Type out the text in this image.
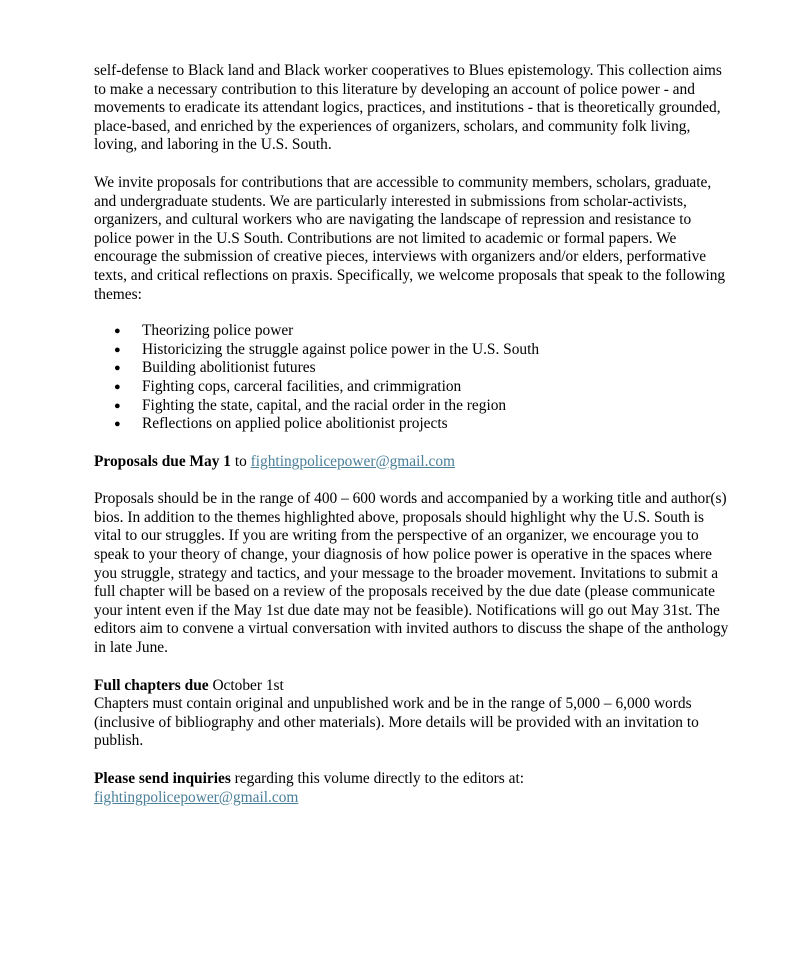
self-defense to Black land and Black worker cooperatives to Blues epistemology. This collection aims to make a necessary contribution to this literature by developing an account of police power - and movements to eradicate its attendant logics, practices, and institutions - that is theoretically grounded, place-based, and enriched by the experiences of organizers, scholars, and community folk living, loving, and laboring in the U.S. South.

We invite proposals for contributions that are accessible to community members, scholars, graduate, and undergraduate students. We are particularly interested in submissions from scholar-activists, organizers, and cultural workers who are navigating the landscape of repression and resistance to police power in the U.S South. Contributions are not limited to academic or formal papers. We encourage the submission of creative pieces, interviews with organizers and/or elders, performative texts, and critical reflections on praxis. Specifically, we welcome proposals that speak to the following themes:

● Theorizing police power
● Historicizing the struggle against police power in the U.S. South
● Building abolitionist futures
● Fighting cops, carceral facilities, and crimmigration
● Fighting the state, capital, and the racial order in the region
● Reflections on applied police abolitionist projects

Proposals due May 1 to fightingpolicepower@gmail.com

Proposals should be in the range of 400 – 600 words and accompanied by a working title and author(s) bios. In addition to the themes highlighted above, proposals should highlight why the U.S. South is vital to our struggles. If you are writing from the perspective of an organizer, we encourage you to speak to your theory of change, your diagnosis of how police power is operative in the spaces where you struggle, strategy and tactics, and your message to the broader movement. Invitations to submit a full chapter will be based on a review of the proposals received by the due date (please communicate your intent even if the May 1st due date may not be feasible). Notifications will go out May 31st. The editors aim to convene a virtual conversation with invited authors to discuss the shape of the anthology in late June.

Full chapters due October 1st

Chapters must contain original and unpublished work and be in the range of 5,000 – 6,000 words (inclusive of bibliography and other materials). More details will be provided with an invitation to publish.

Please send inquiries regarding this volume directly to the editors at:

fightingpolicepower@gmail.com
